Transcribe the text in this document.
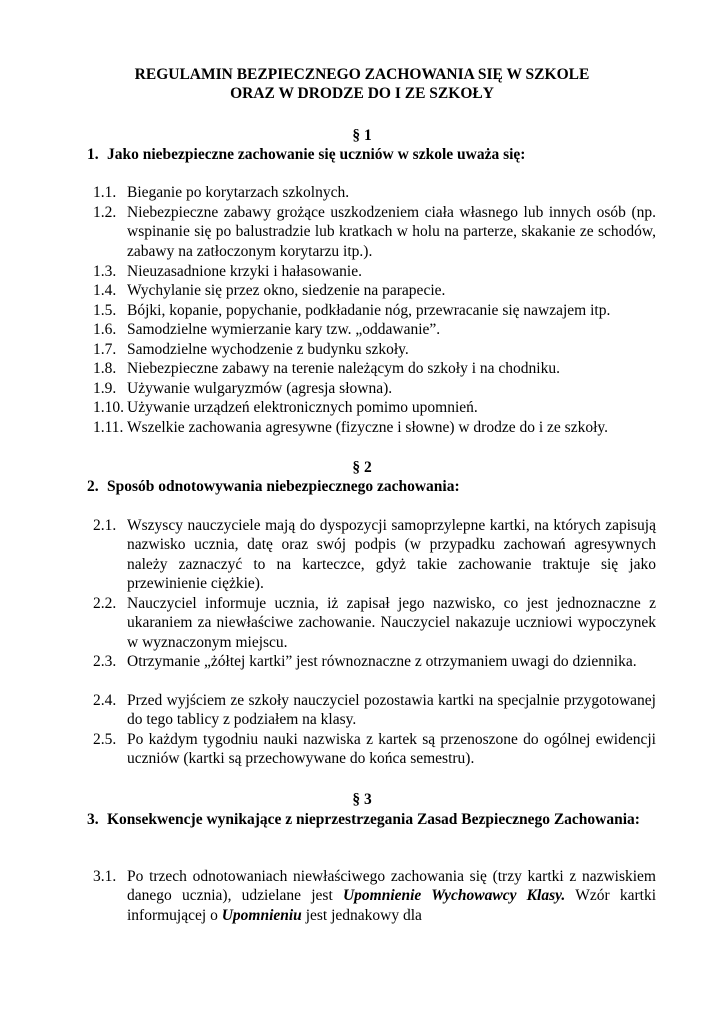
REGULAMIN BEZPIECZNEGO ZACHOWANIA SIĘ W SZKOLE
ORAZ W DRODZE DO I ZE SZKOŁY
§ 1
1. Jako niebezpieczne zachowanie się uczniów w szkole uważa się:
1.1. Bieganie po korytarzach szkolnych.
1.2. Niebezpieczne zabawy grożące uszkodzeniem ciała własnego lub innych osób (np. wspinanie się po balustradzie lub kratkach w holu na parterze, skakanie ze schodów, zabawy na zatłoczonym korytarzu itp.).
1.3. Nieuzasadnione krzyki i hałasowanie.
1.4. Wychylanie się przez okno, siedzenie na parapecie.
1.5. Bójki, kopanie, popychanie, podkładanie nóg, przewracanie się nawzajem itp.
1.6. Samodzielne wymierzanie kary tzw. „oddawanie”.
1.7. Samodzielne wychodzenie z budynku szkoły.
1.8. Niebezpieczne zabawy na terenie należącym do szkoły i na chodniku.
1.9. Używanie wulgaryzmów (agresja słowna).
1.10. Używanie urządzeń elektronicznych pomimo upomnień.
1.11. Wszelkie zachowania agresywne (fizyczne i słowne) w drodze do i ze szkoły.
§ 2
2. Sposób odnotowywania niebezpiecznego zachowania:
2.1. Wszyscy nauczyciele mają do dyspozycji samoprzylepne kartki, na których zapisują nazwisko ucznia, datę oraz swój podpis (w przypadku zachowań agresywnych należy zaznaczyć to na karteczce, gdyż takie zachowanie traktuje się jako przewinienie ciężkie).
2.2. Nauczyciel informuje ucznia, iż zapisał jego nazwisko, co jest jednoznaczne z ukaraniem za niewłaściwe zachowanie. Nauczyciel nakazuje uczniowi wypoczynek w wyznaczonym miejscu.
2.3. Otrzymanie „żółtej kartki” jest równoznaczne z otrzymaniem uwagi do dziennika.
2.4. Przed wyjściem ze szkoły nauczyciel pozostawia kartki na specjalnie przygotowanej do tego tablicy z podziałem na klasy.
2.5. Po każdym tygodniu nauki nazwiska z kartek są przenoszone do ogólnej ewidencji uczniów (kartki są przechowywane do końca semestru).
§ 3
3. Konsekwencje wynikające z nieprzestrzegania Zasad Bezpiecznego Zachowania:
3.1. Po trzech odnotowaniach niewłaściwego zachowania się (trzy kartki z nazwiskiem danego ucznia), udzielane jest Upomnienie Wychowawcy Klasy. Wzór kartki informującej o Upomnieniu jest jednakowy dla
